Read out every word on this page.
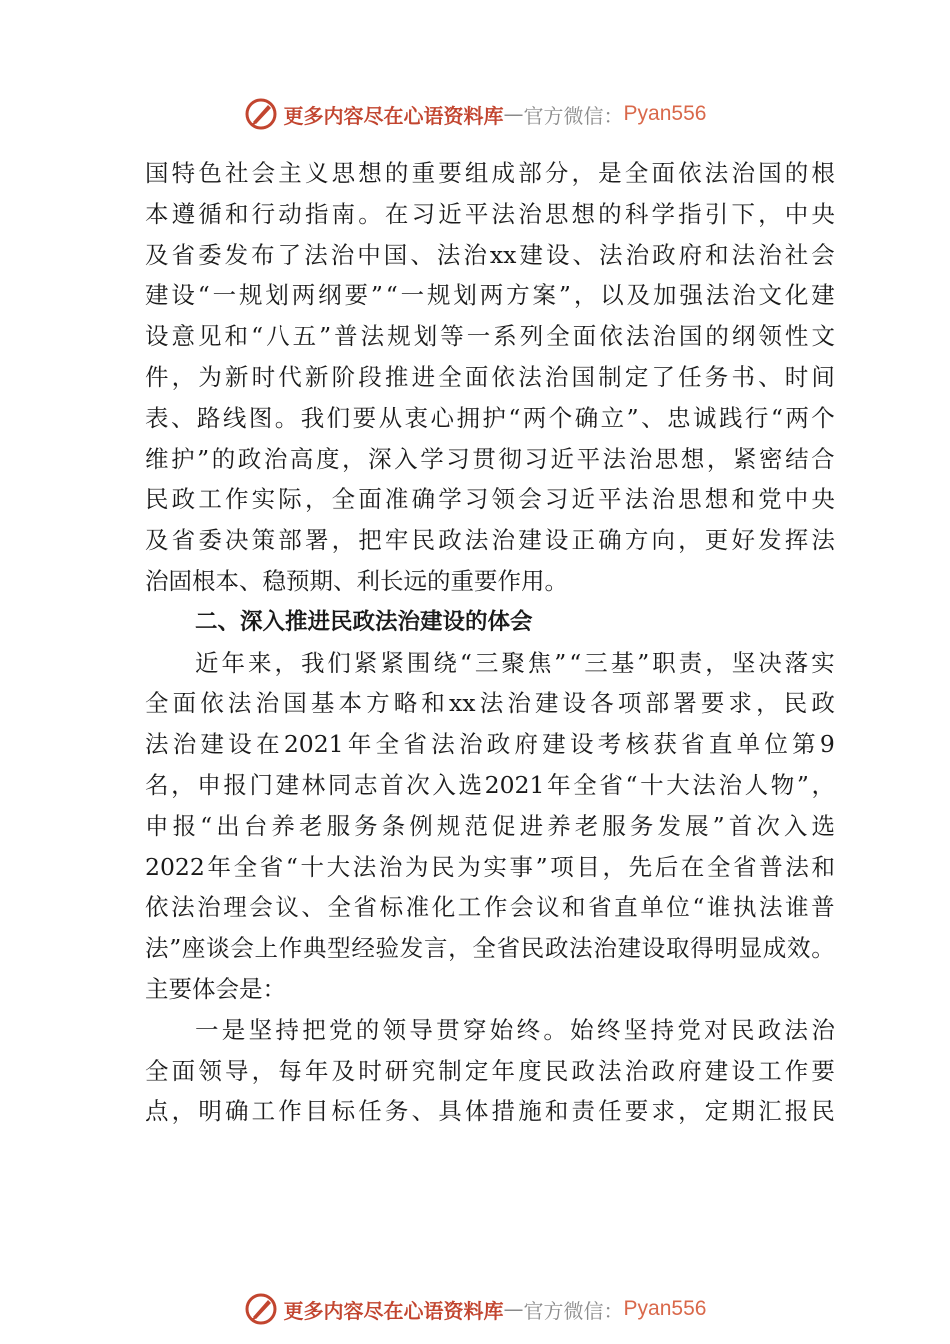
更多内容尽在心语资料库 — 官方微信： Pyan556
国 特 色 社 会 主 义 思 想 的 重 要 组 成 部 分 ， 是 全 面 依 法 治 国 的 根
本 遵 循 和 行 动 指 南 。 在 习 近 平 法 治 思 想 的 科 学 指 引 下 ， 中 央
及 省 委 发 布 了 法 治 中 国 、 法 治 xx 建 设 、 法 治 政 府 和 法 治 社 会
建 设 “ 一 规 划 两 纲 要 ” “ 一 规 划 两 方 案 ” ， 以 及 加 强 法 治 文 化 建
设 意 见 和 “ 八 五 ” 普 法 规 划 等 一 系 列 全 面 依 法 治 国 的 纲 领 性 文
件 ， 为 新 时 代 新 阶 段 推 进 全 面 依 法 治 国 制 定 了 任 务 书 、 时 间
表 、 路 线 图 。 我 们 要 从 衷 心 拥 护 “ 两 个 确 立 ” 、 忠 诚 践 行 “ 两 个
维 护 ” 的 政 治 高 度 ， 深 入 学 习 贯 彻 习 近 平 法 治 思 想 ， 紧 密 结 合
民 政 工 作 实 际 ， 全 面 准 确 学 习 领 会 习 近 平 法 治 思 想 和 党 中 央
及 省 委 决 策 部 署 ， 把 牢 民 政 法 治 建 设 正 确 方 向 ， 更 好 发 挥 法
治固根本、稳预期、利长远的重要作用。
二、深入推进民政法治建设的体会
近 年 来 ， 我 们 紧 紧 围 绕 “ 三 聚 焦 ” “ 三 基 ” 职 责 ， 坚 决 落 实
全 面 依 法 治 国 基 本 方 略 和 xx 法 治 建 设 各 项 部 署 要 求 ， 民 政
法 治 建 设 在 2021 年 全 省 法 治 政 府 建 设 考 核 获 省 直 单 位 第 9
名 ， 申 报 门 建 林 同 志 首 次 入 选 2021 年 全 省 “ 十 大 法 治 人 物 ” ，
申 报 “ 出 台 养 老 服 务 条 例 规 范 促 进 养 老 服 务 发 展 ” 首 次 入 选
2022 年 全 省 “ 十 大 法 治 为 民 为 实 事 ” 项 目 ， 先 后 在 全 省 普 法 和
依 法 治 理 会 议 、 全 省 标 准 化 工 作 会 议 和 省 直 单 位 “ 谁 执 法 谁 普
法 ” 座 谈 会 上 作 典 型 经 验 发 言 ， 全 省 民 政 法 治 建 设 取 得 明 显 成 效 。
主要体会是：
一 是 坚 持 把 党 的 领 导 贯 穿 始 终 。 始 终 坚 持 党 对 民 政 法 治
全 面 领 导 ， 每 年 及 时 研 究 制 定 年 度 民 政 法 治 政 府 建 设 工 作 要
点 ， 明 确 工 作 目 标 任 务 、 具 体 措 施 和 责 任 要 求 ， 定 期 汇 报 民
更多内容尽在心语资料库 — 官方微信： Pyan556
